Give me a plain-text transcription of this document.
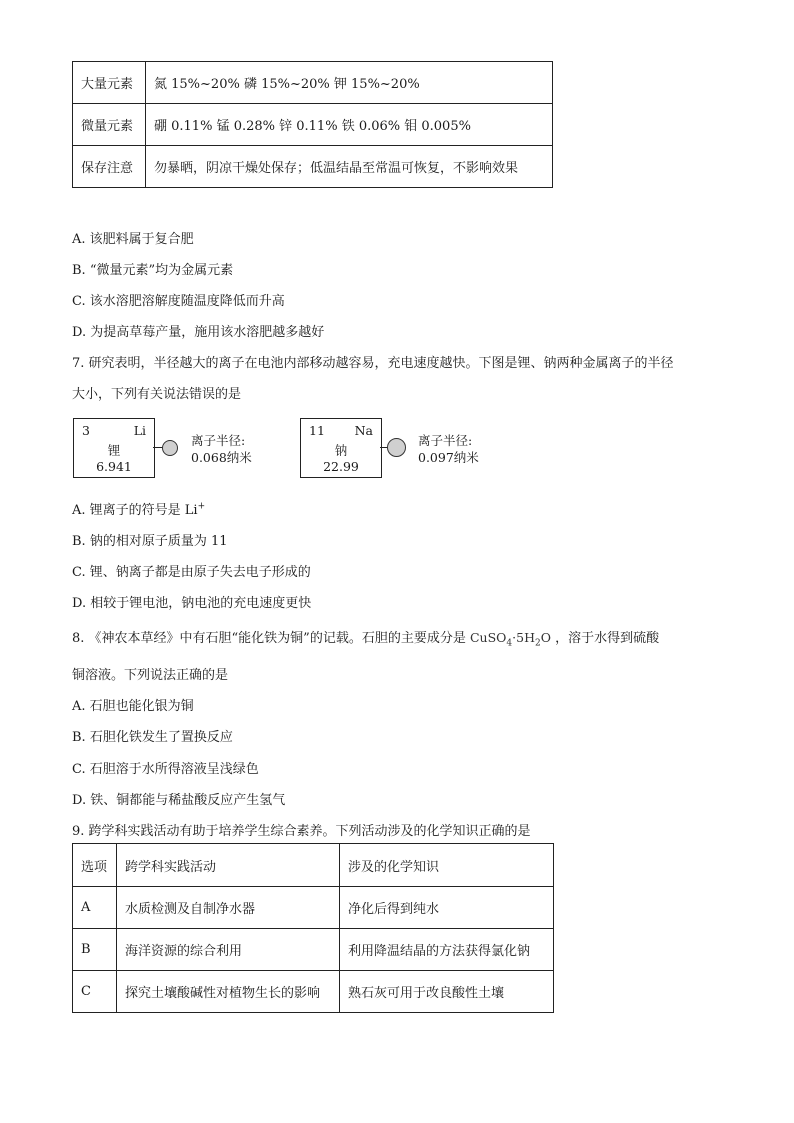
大量元素	氮 15%~20% 磷 15%~20% 钾 15%~20%
微量元素	硼 0.11% 锰 0.28% 锌 0.11% 铁 0.06% 钼 0.005%
保存注意	勿暴晒，阴凉干燥处保存；低温结晶至常温可恢复，不影响效果
A. 该肥料属于复合肥
B. “微量元素”均为金属元素
C. 该水溶肥溶解度随温度降低而升高
D. 为提高草莓产量，施用该水溶肥越多越好
7. 研究表明，半径越大的离子在电池内部移动越容易，充电速度越快。下图是锂、钠两种金属离子的半径
大小，下列有关说法错误的是
3	Li
锂
6.941
离子半径:
0.068纳米
11 Na
钠
22.99
离子半径:
0.097纳米
A. 锂离子的符号是 Li+
B. 钠的相对原子质量为 11
C. 锂、钠离子都是由原子失去电子形成的
D. 相较于锂电池，钠电池的充电速度更快
8. 《神农本草经》中有石胆“能化铁为铜”的记载。石胆的主要成分是 $CuSO_4\cdot 5H_2O$ ，溶于水得到硫酸
铜溶液。下列说法正确的是
A. 石胆也能化银为铜
B. 石胆化铁发生了置换反应
C. 石胆溶于水所得溶液呈浅绿色
D. 铁、铜都能与稀盐酸反应产生氢气
9. 跨学科实践活动有助于培养学生综合素养。下列活动涉及的化学知识正确的是
选项	跨学科实践活动	涉及的化学知识
A	水质检测及自制净水器	净化后得到纯水
B	海洋资源的综合利用	利用降温结晶的方法获得氯化钠
C	探究土壤酸碱性对植物生长的影响	熟石灰可用于改良酸性土壤
